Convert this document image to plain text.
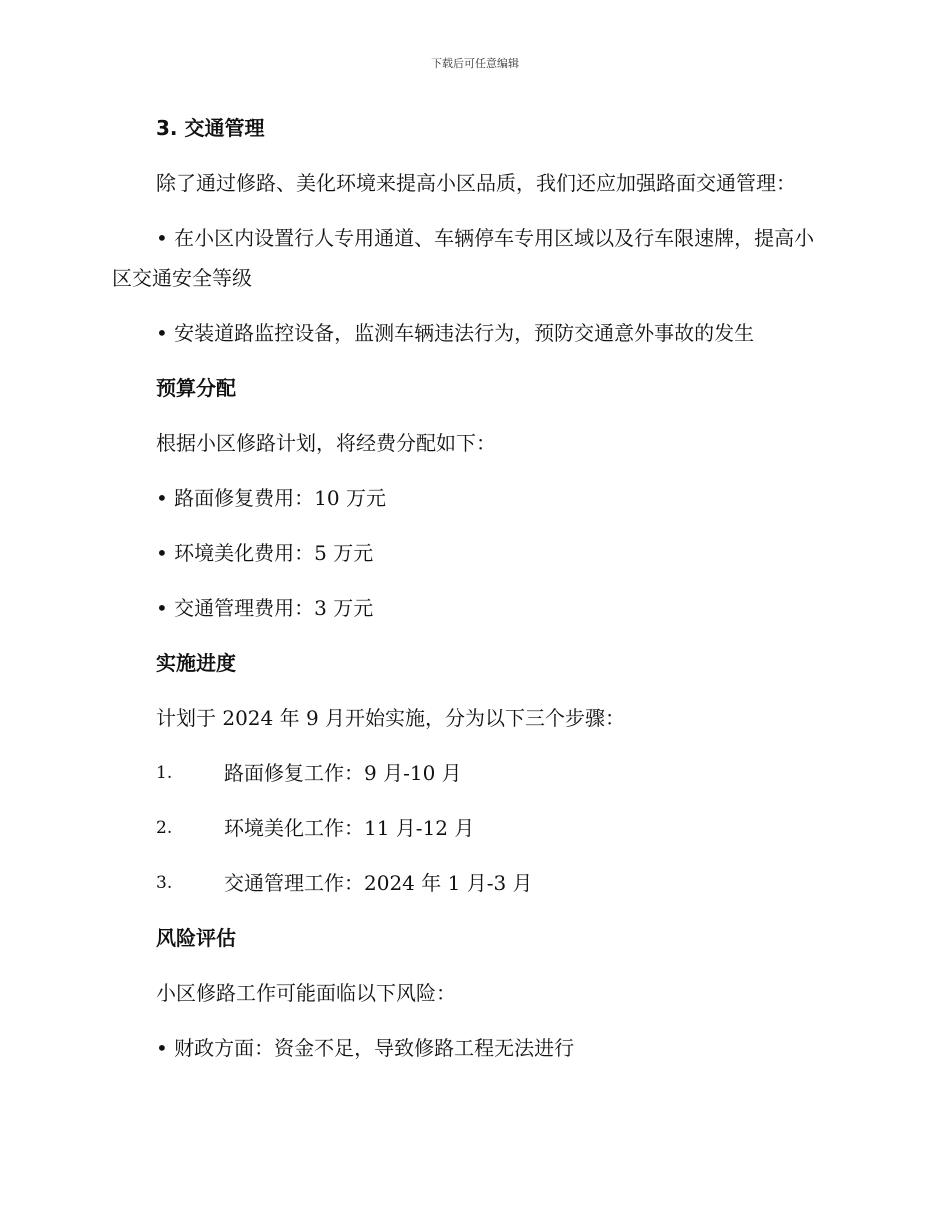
下载后可任意编辑
3. 交通管理
除了通过修路、美化环境来提高小区品质，我们还应加强路面交通管理：
• 在小区内设置行人专用通道、车辆停车专用区域以及行车限速牌，提高小区交通安全等级
• 安装道路监控设备，监测车辆违法行为，预防交通意外事故的发生
预算分配
根据小区修路计划，将经费分配如下：
• 路面修复费用：10 万元
• 环境美化费用：5 万元
• 交通管理费用：3 万元
实施进度
计划于 2024 年 9 月开始实施，分为以下三个步骤：
1.	路面修复工作：9 月-10 月
2.	环境美化工作：11 月-12 月
3.	交通管理工作：2024 年 1 月-3 月
风险评估
小区修路工作可能面临以下风险：
• 财政方面：资金不足，导致修路工程无法进行
